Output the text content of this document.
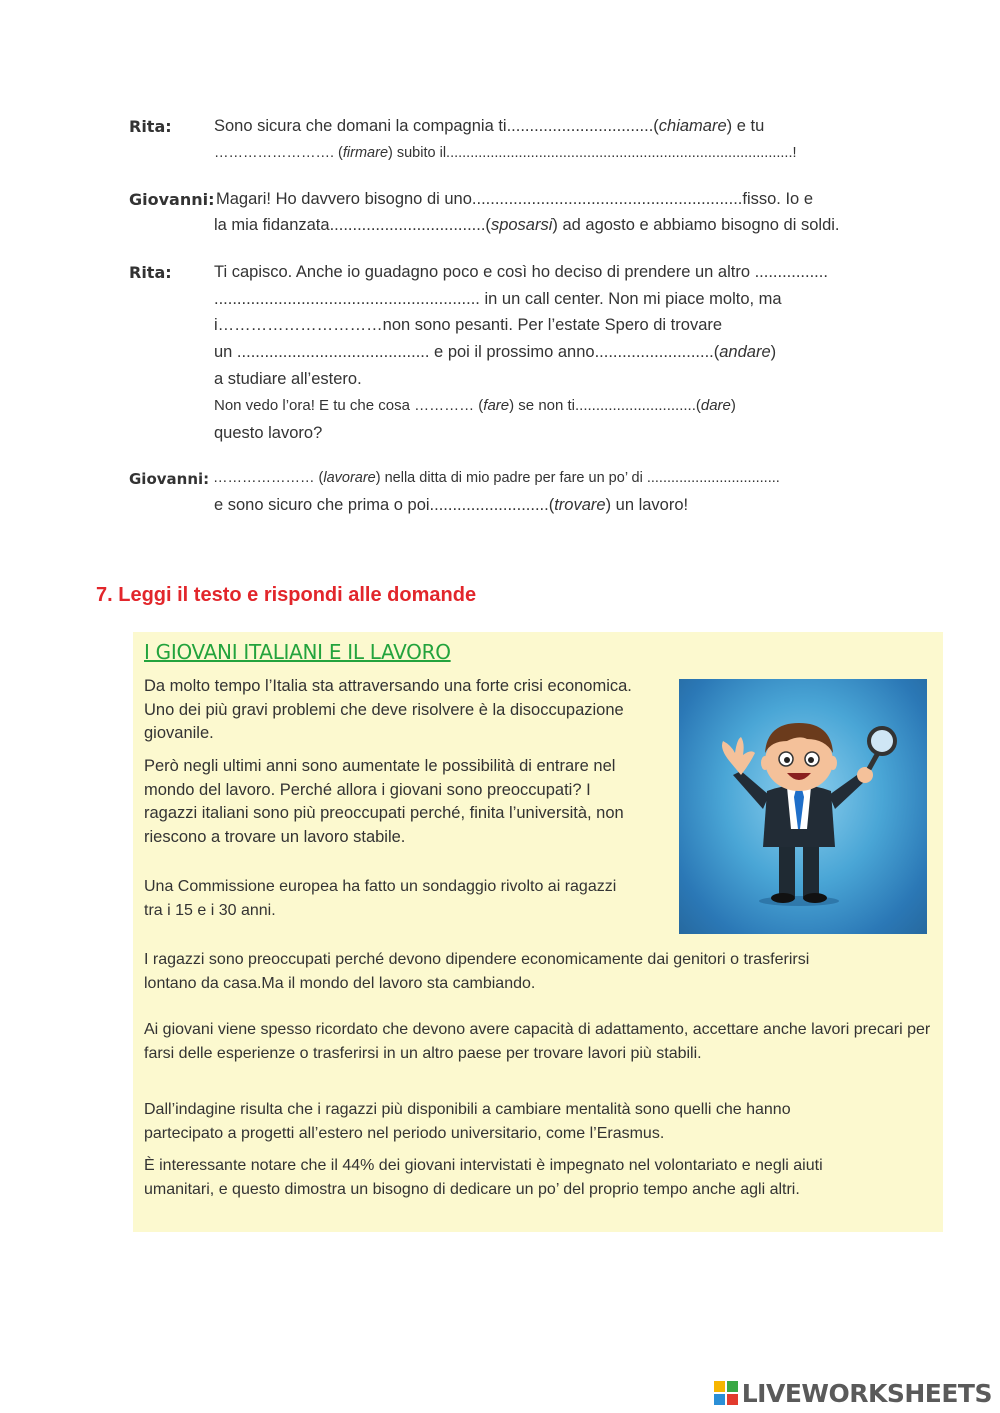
Rita:	Sono sicura che domani la compagnia ti................................(chiamare) e tu
……………………. (firmare) subito il......................................................................................!
Giovanni: Magari! Ho davvero bisogno di uno...........................................................fisso. Io e
la mia fidanzata..................................(sposarsi) ad agosto e abbiamo bisogno di soldi.
Rita:	Ti capisco. Anche io guadagno poco e così ho deciso di prendere un altro ................
.......................................................... in un call center. Non mi piace molto, ma
i…………………………non sono pesanti. Per l’estate Spero di trovare
un .......................................... e poi il prossimo anno..........................(andare)
a studiare all’estero.
Non vedo l’ora! E tu che cosa ………… (fare) se non ti.............................(dare)
questo lavoro?
Giovanni: ………………… (lavorare) nella ditta di mio padre per fare un po’ di .................................
e sono sicuro che prima o poi..........................(trovare) un lavoro!
7. Leggi il testo e rispondi alle domande
I GIOVANI ITALIANI E IL LAVORO
Da molto tempo l’Italia sta attraversando una forte crisi economica. Uno dei più gravi problemi che deve risolvere è la disoccupazione giovanile.
Però negli ultimi anni sono aumentate le possibilità di entrare nel mondo del lavoro. Perché allora i giovani sono preoccupati? I ragazzi italiani sono più preoccupati perché, finita l’università, non riescono a trovare un lavoro stabile.
Una Commissione europea ha fatto un sondaggio rivolto ai ragazzi tra i 15 e i 30 anni.
I ragazzi sono preoccupati perché devono dipendere economicamente dai genitori o trasferirsi lontano da casa.Ma il mondo del lavoro sta cambiando.
Ai giovani viene spesso ricordato che devono avere capacità di adattamento, accettare anche lavori precari per farsi delle esperienze o trasferirsi in un altro paese per trovare lavori più stabili.
Dall’indagine risulta che i ragazzi più disponibili a cambiare mentalità sono quelli che hanno partecipato a progetti all’estero nel periodo universitario, come l’Erasmus.
È interessante notare che il 44% dei giovani intervistati è impegnato nel volontariato e negli aiuti umanitari, e questo dimostra un bisogno di dedicare un po’ del proprio tempo anche agli altri.
LIVEWORKSHEETS
